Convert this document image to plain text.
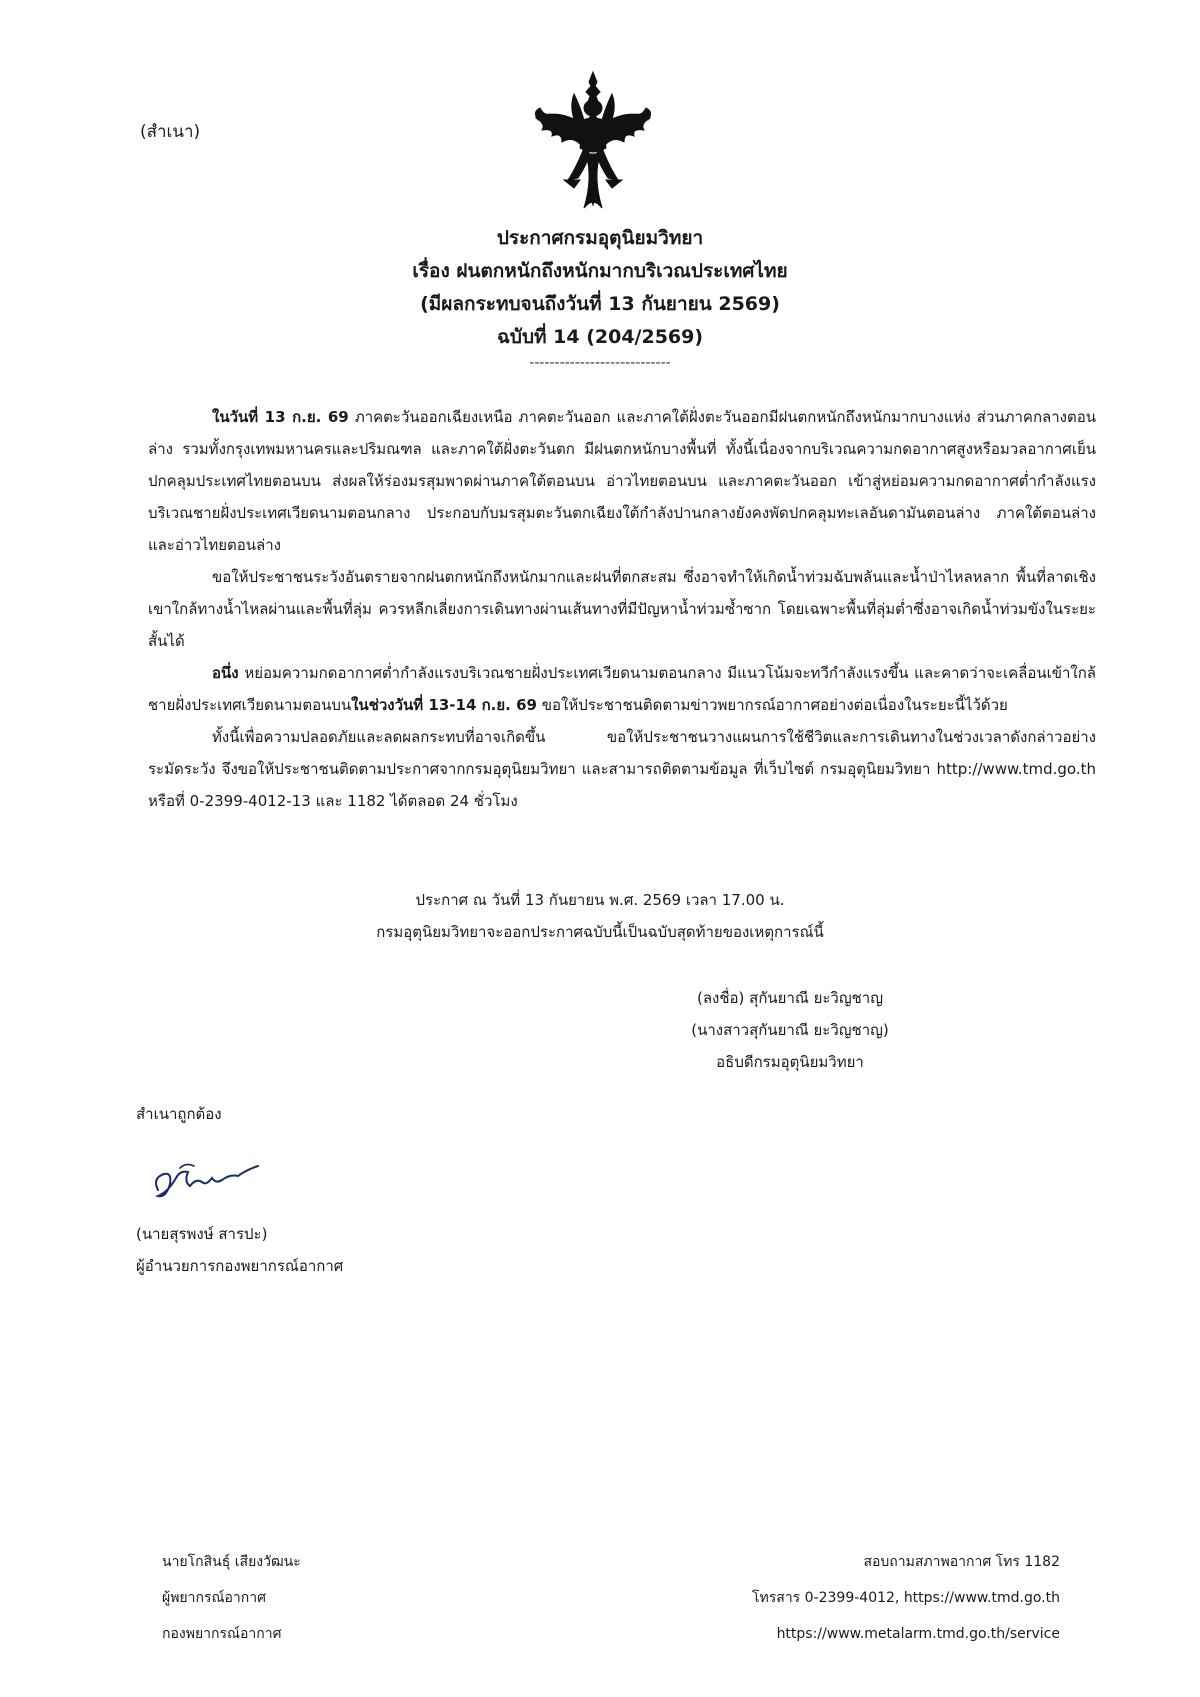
(สำเนา)
ประกาศกรมอุตุนิยมวิทยา
เรื่อง ฝนตกหนักถึงหนักมากบริเวณประเทศไทย
(มีผลกระทบจนถึงวันที่ 13 กันยายน 2569)
ฉบับที่ 14 (204/2569)
----------------------------

ในวันที่ 13 ก.ย. 69 ภาคตะวันออกเฉียงเหนือ ภาคตะวันออก และภาคใต้ฝั่งตะวันออกมีฝนตกหนักถึงหนักมากบางแห่ง ส่วนภาคกลางตอนล่าง รวมทั้งกรุงเทพมหานครและปริมณฑล และภาคใต้ฝั่งตะวันตก มีฝนตกหนักบางพื้นที่ ทั้งนี้เนื่องจากบริเวณความกดอากาศสูงหรือมวลอากาศเย็นปกคลุมประเทศไทยตอนบน ส่งผลให้ร่องมรสุมพาดผ่านภาคใต้ตอนบน อ่าวไทยตอนบน และภาคตะวันออก เข้าสู่หย่อมความกดอากาศต่ำกำลังแรงบริเวณชายฝั่งประเทศเวียดนามตอนกลาง ประกอบกับมรสุมตะวันตกเฉียงใต้กำลังปานกลางยังคงพัดปกคลุมทะเลอันดามันตอนล่าง ภาคใต้ตอนล่าง และอ่าวไทยตอนล่าง

ขอให้ประชาชนระวังอันตรายจากฝนตกหนักถึงหนักมากและฝนที่ตกสะสม ซึ่งอาจทำให้เกิดน้ำท่วมฉับพลันและน้ำป่าไหลหลาก พื้นที่ลาดเชิงเขาใกล้ทางน้ำไหลผ่านและพื้นที่ลุ่ม ควรหลีกเลี่ยงการเดินทางผ่านเส้นทางที่มีปัญหาน้ำท่วมซ้ำซาก โดยเฉพาะพื้นที่ลุ่มต่ำซึ่งอาจเกิดน้ำท่วมขังในระยะสั้นได้

อนึ่ง หย่อมความกดอากาศต่ำกำลังแรงบริเวณชายฝั่งประเทศเวียดนามตอนกลาง มีแนวโน้มจะทวีกำลังแรงขึ้น และคาดว่าจะเคลื่อนเข้าใกล้ชายฝั่งประเทศเวียดนามตอนบนในช่วงวันที่ 13-14 ก.ย. 69 ขอให้ประชาชนติดตามข่าวพยากรณ์อากาศอย่างต่อเนื่องในระยะนี้ไว้ด้วย

ทั้งนี้เพื่อความปลอดภัยและลดผลกระทบที่อาจเกิดขึ้น ขอให้ประชาชนวางแผนการใช้ชีวิตและการเดินทางในช่วงเวลาดังกล่าวอย่างระมัดระวัง จึงขอให้ประชาชนติดตามประกาศจากกรมอุตุนิยมวิทยา และสามารถติดตามข้อมูล ที่เว็บไซต์ กรมอุตุนิยมวิทยา http://www.tmd.go.th หรือที่ 0-2399-4012-13 และ 1182 ได้ตลอด 24 ชั่วโมง

ประกาศ ณ วันที่ 13 กันยายน พ.ศ. 2569 เวลา 17.00 น.
กรมอุตุนิยมวิทยาจะออกประกาศฉบับนี้เป็นฉบับสุดท้ายของเหตุการณ์นี้
(ลงชื่อ) สุกันยาณี ยะวิญชาญ
(นางสาวสุกันยาณี ยะวิญชาญ)
อธิบดีกรมอุตุนิยมวิทยา
สำเนาถูกต้อง
(นายสุรพงษ์ สารปะ)
ผู้อำนวยการกองพยากรณ์อากาศ
นายโกสินธุ์ เสียงวัฒนะ
ผู้พยากรณ์อากาศ
กองพยากรณ์อากาศ
สอบถามสภาพอากาศ โทร 1182
โทรสาร 0-2399-4012, https://www.tmd.go.th
https://www.metalarm.tmd.go.th/service
